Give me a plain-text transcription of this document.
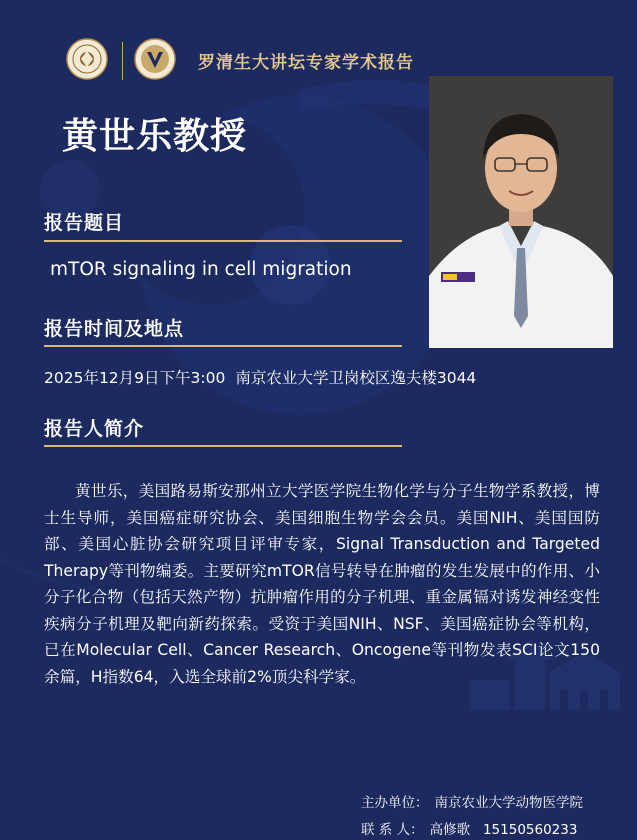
罗清生大讲坛专家学术报告
黄世乐教授
报告题目
mTOR signaling in cell migration
报告时间及地点
2025年12月9日下午3:00 南京农业大学卫岗校区逸夫楼3044
报告人简介
黄世乐，美国路易斯安那州立大学医学院生物化学与分子生物学系教授，博士生导师，美国癌症研究协会、美国细胞生物学会会员。美国NIH、美国国防部、美国心脏协会研究项目评审专家，Signal Transduction and Targeted Therapy等刊物编委。主要研究mTOR信号转导在肿瘤的发生发展中的作用、小分子化合物（包括天然产物）抗肿瘤作用的分子机理、重金属镉对诱发神经变性疾病分子机理及靶向新药探索。受资于美国NIH、NSF、美国癌症协会等机构，已在Molecular Cell、Cancer Research、Oncogene等刊物发表SCI论文150余篇，H指数64，入选全球前2%顶尖科学家。
主办单位： 南京农业大学动物医学院
联 系 人： 高修歌   15150560233
